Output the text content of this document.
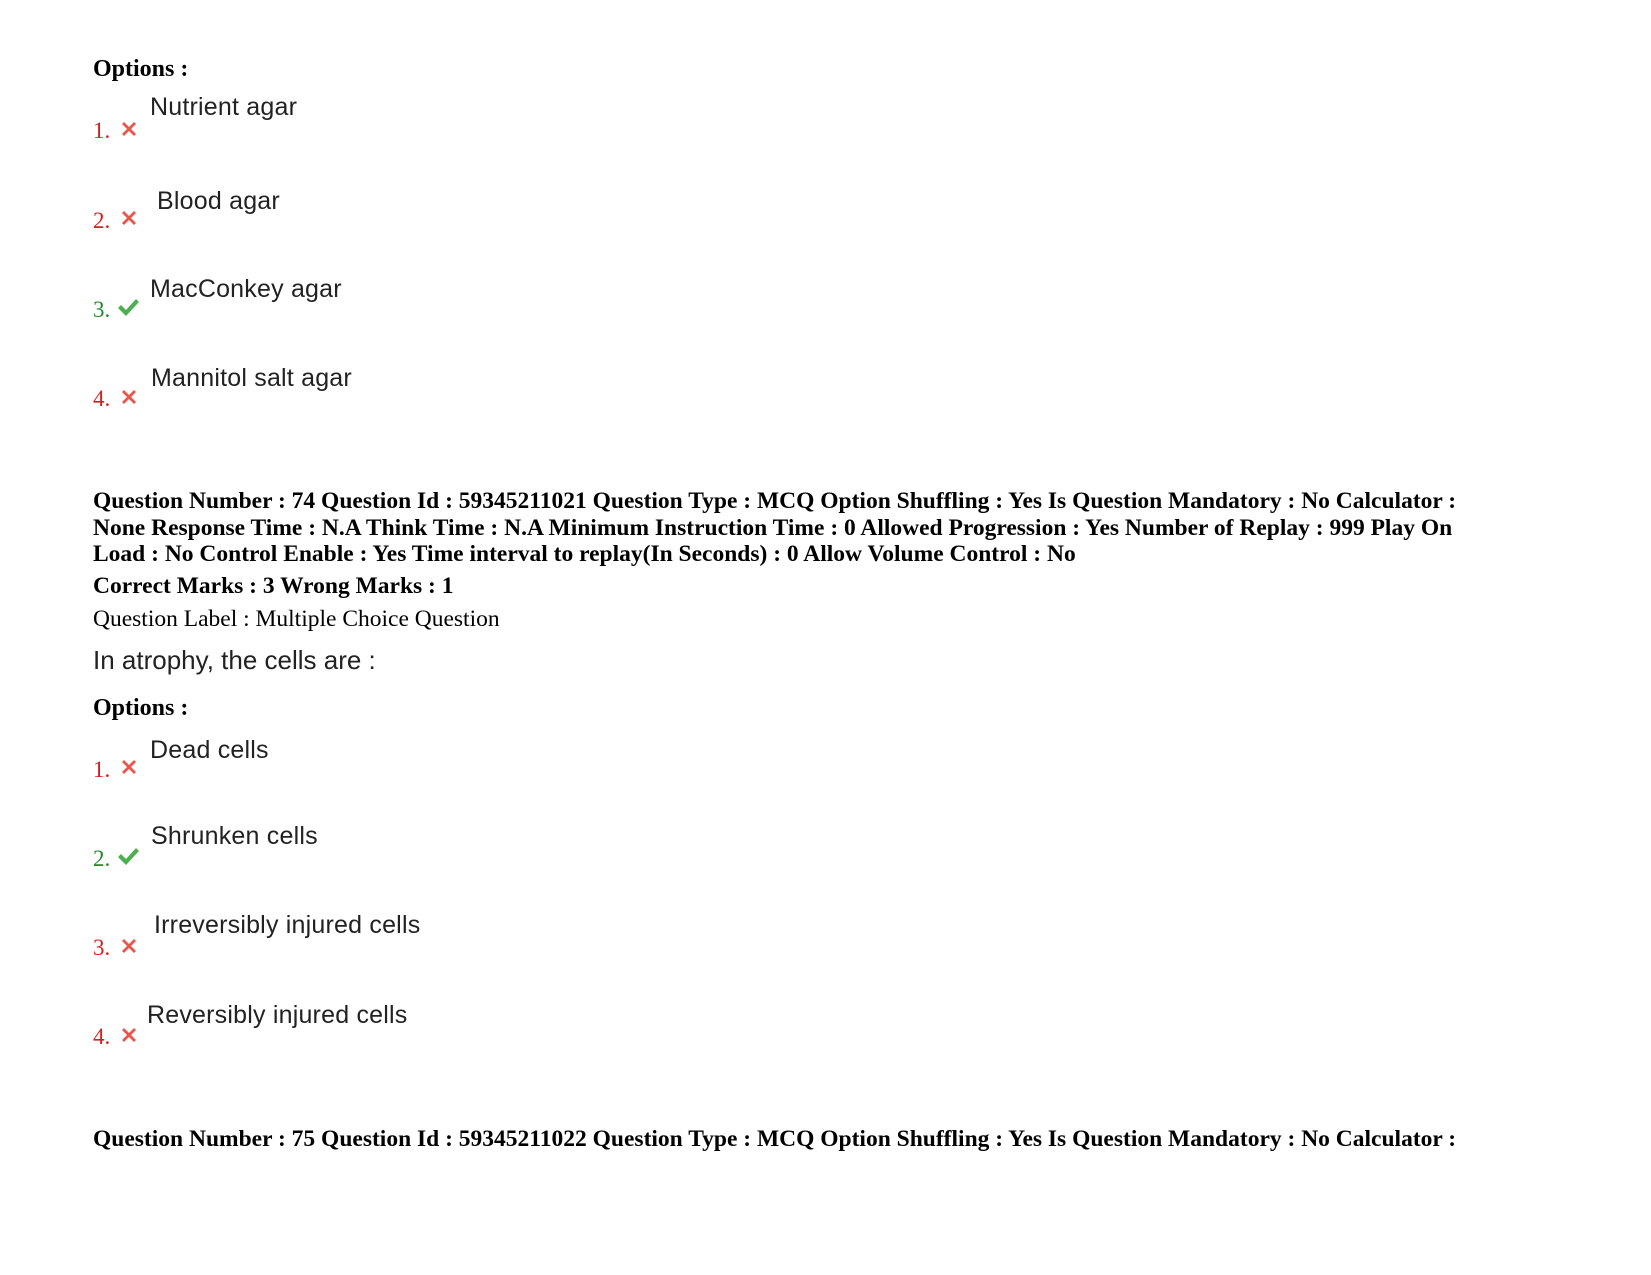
Options :
1.
Nutrient agar
2.
Blood agar
3.
MacConkey agar
4.
Mannitol salt agar
Question Number : 74 Question Id : 59345211021 Question Type : MCQ Option Shuffling : Yes Is Question Mandatory : No Calculator :
None Response Time : N.A Think Time : N.A Minimum Instruction Time : 0 Allowed Progression : Yes Number of Replay : 999 Play On
Load : No Control Enable : Yes Time interval to replay(In Seconds) : 0 Allow Volume Control : No
Correct Marks : 3 Wrong Marks : 1
Question Label : Multiple Choice Question
In atrophy, the cells are :
Options :
1.
Dead cells
2.
Shrunken cells
3.
Irreversibly injured cells
4.
Reversibly injured cells
Question Number : 75 Question Id : 59345211022 Question Type : MCQ Option Shuffling : Yes Is Question Mandatory : No Calculator :
